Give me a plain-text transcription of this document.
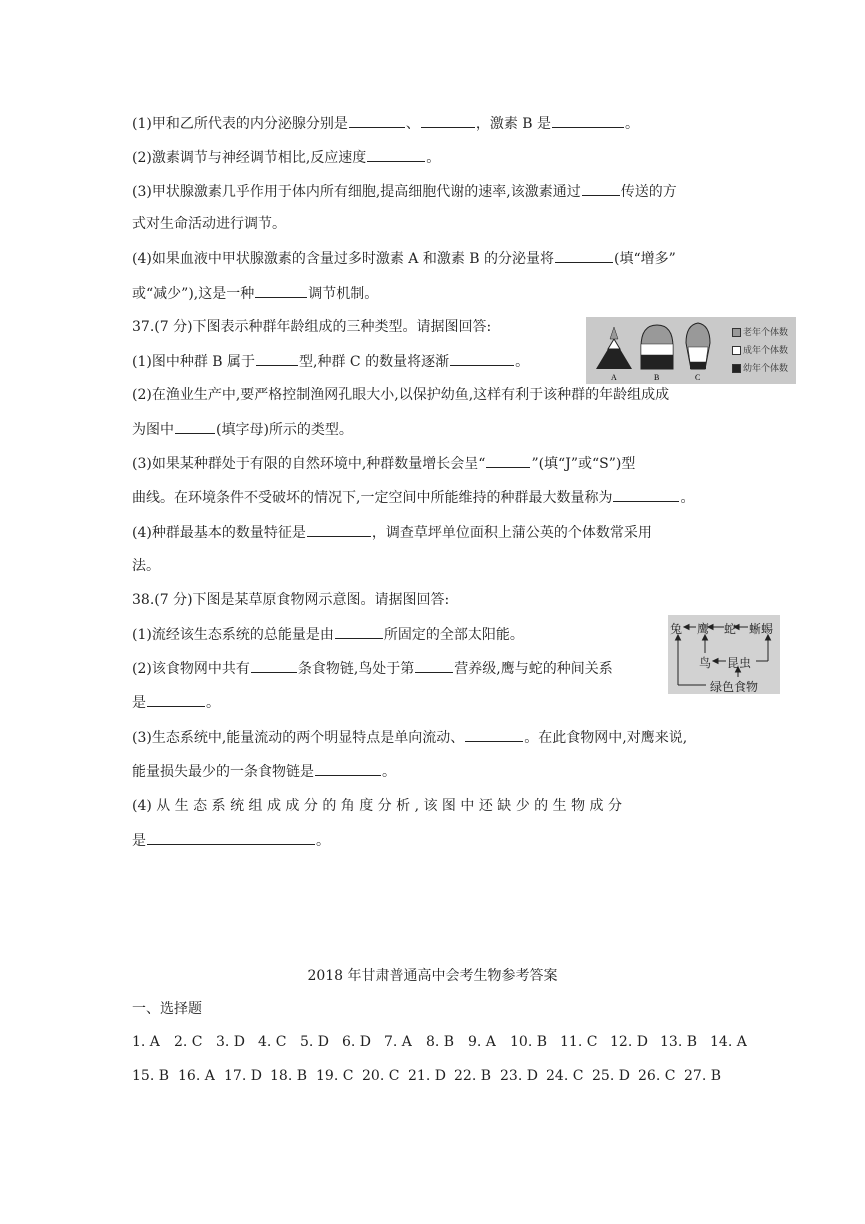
(1)甲和乙所代表的内分泌腺分别是	、	，激素 B 是	。
(2)激素调节与神经调节相比,反应速度	。
(3)甲状腺激素几乎作用于体内所有细胞,提高细胞代谢的速率,该激素通过	传送的方
式对生命活动进行调节。
(4)如果血液中甲状腺激素的含量过多时激素 A 和激素 B 的分泌量将	(填“增多”
或“减少”),这是一种	调节机制。
37.(7 分)下图表示种群年龄组成的三种类型。请据图回答:
(1)图中种群 B 属于	型,种群 C 的数量将逐渐	。
A	B	C
老年个体数
成年个体数
幼年个体数
(2)在渔业生产中,要严格控制渔网孔眼大小,以保护幼鱼,这样有利于该种群的年龄组成成
为图中	(填字母)所示的类型。
(3)如果某种群处于有限的自然环境中,种群数量增长会呈“	”(填“J”或“S”)型
曲线。在环境条件不受破坏的情况下,一定空间中所能维持的种群最大数量称为	。
(4)种群最基本的数量特征是	，调查草坪单位面积上蒲公英的个体数常采用
法。
38.(7 分)下图是某草原食物网示意图。请据图回答:
(1)流经该生态系统的总能量是由	所固定的全部太阳能。
(2)该食物网中共有	条食物链,鸟处于第	营养级,鹰与蛇的种间关系
是	。
兔 鹰 蛇 蜥蜴
鸟 昆虫
绿色食物
(3)生态系统中,能量流动的两个明显特点是单向流动、	。在此食物网中,对鹰来说,
能量损失最少的一条食物链是	。
(4) 从 生 态 系 统 组 成 成 分 的 角 度 分 析 , 该 图 中 还 缺 少 的 生 物 成 分
是	。
2018 年甘肃普通高中会考生物参考答案
一、选择题
1. A 2. C 3. D 4. C 5. D 6. D 7. A 8. B 9. A 10. B 11. C 12. D 13. B 14. A
15. B 16. A 17. D 18. B 19. C 20. C 21. D 22. B 23. D 24. C 25. D 26. C 27. B
